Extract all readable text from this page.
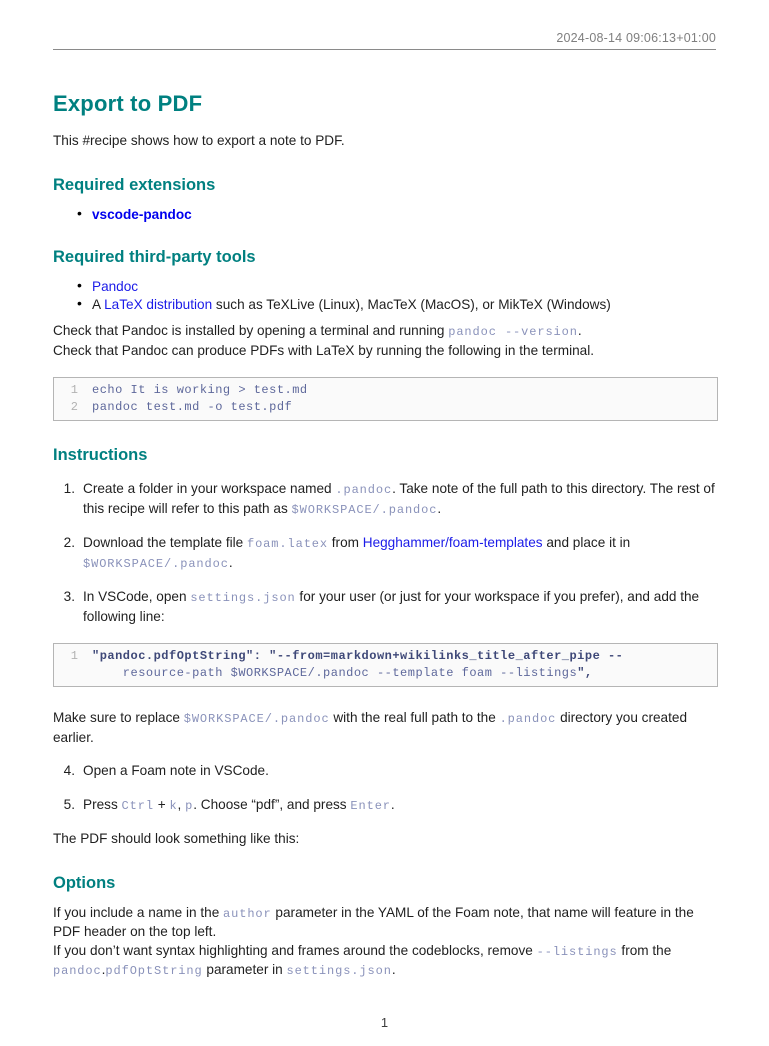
2024-08-14 09:06:13+01:00
Export to PDF

This #recipe shows how to export a note to PDF.

Required extensions
• vscode-pandoc
Required third-party tools
• Pandoc
• A LaTeX distribution such as TeXLive (Linux), MacTeX (MacOS), or MikTeX (Windows)

Check that Pandoc is installed by opening a terminal and running pandoc --version.
Check that Pandoc can produce PDFs with LaTeX by running the following in the terminal.

1 echo It is working > test.md
2 pandoc test.md -o test.pdf
Instructions
1. Create a folder in your workspace named .pandoc. Take note of the full path to this directory. The rest of this recipe will refer to this path as $WORKSPACE/.pandoc.
2. Download the template file foam.latex from Hegghammer/foam-templates and place it in $WORKSPACE/.pandoc.
3. In VSCode, open settings.json for your user (or just for your workspace if you prefer), and add the following line:
1 "pandoc.pdfOptString": "--from=markdown+wikilinks_title_after_pipe --
resource-path $WORKSPACE/.pandoc --template foam --listings",

Make sure to replace $WORKSPACE/.pandoc with the real full path to the .pandoc directory you created earlier.

4. Open a Foam note in VSCode.
5. Press Ctrl + k, p. Choose “pdf”, and press Enter.

The PDF should look something like this:

Options

If you include a name in the author parameter in the YAML of the Foam note, that name will feature in the PDF header on the top left.
If you don’t want syntax highlighting and frames around the codeblocks, remove --listings from the pandoc.pdfOptString parameter in settings.json.

1
